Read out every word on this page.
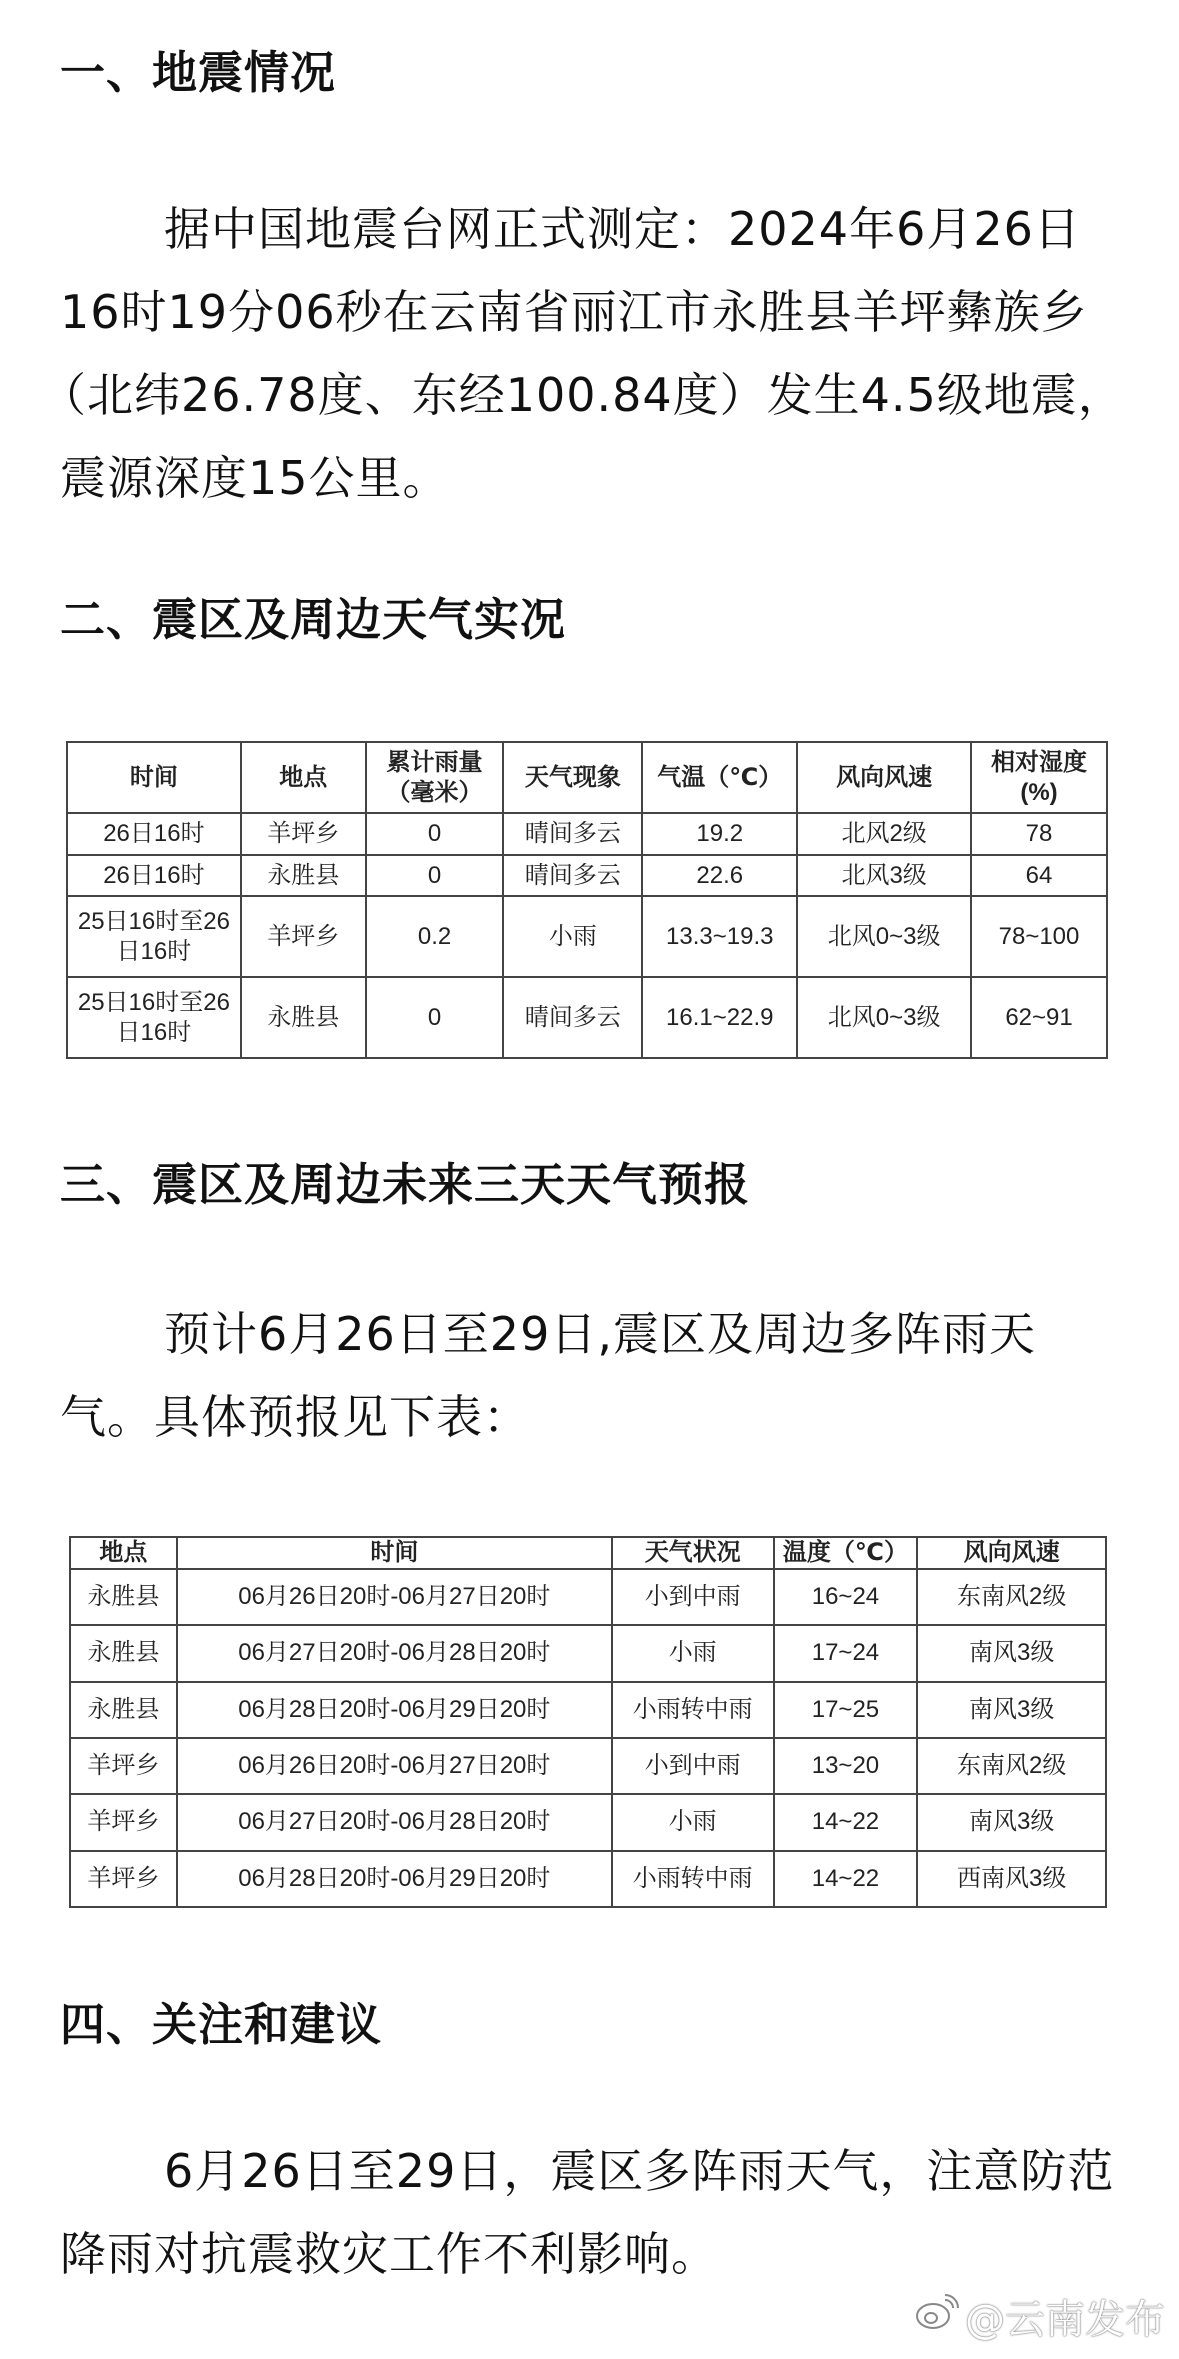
一、地震情况
据中国地震台网正式测定：2024年6月26日
16时19分06秒在云南省丽江市永胜县羊坪彝族乡
（北纬26.78度、东经100.84度）发生4.5级地震，
震源深度15公里。
二、震区及周边天气实况
时间	地点	累计雨量（毫米）	天气现象	气温（℃）	风向风速	相对湿度(%)
26日16时	羊坪乡	0	晴间多云	19.2	北风2级	78
26日16时	永胜县	0	晴间多云	22.6	北风3级	64
25日16时至26日16时	羊坪乡	0.2	小雨	13.3~19.3	北风0~3级	78~100
25日16时至26日16时	永胜县	0	晴间多云	16.1~22.9	北风0~3级	62~91
三、震区及周边未来三天天气预报
预计6月26日至29日,震区及周边多阵雨天
气。具体预报见下表：
地点	时间	天气状况	温度（℃）	风向风速
永胜县	06月26日20时-06月27日20时	小到中雨	16~24	东南风2级
永胜县	06月27日20时-06月28日20时	小雨	17~24	南风3级
永胜县	06月28日20时-06月29日20时	小雨转中雨	17~25	南风3级
羊坪乡	06月26日20时-06月27日20时	小到中雨	13~20	东南风2级
羊坪乡	06月27日20时-06月28日20时	小雨	14~22	南风3级
羊坪乡	06月28日20时-06月29日20时	小雨转中雨	14~22	西南风3级
四、关注和建议
6月26日至29日，震区多阵雨天气，注意防范
降雨对抗震救灾工作不利影响。
@云南发布
